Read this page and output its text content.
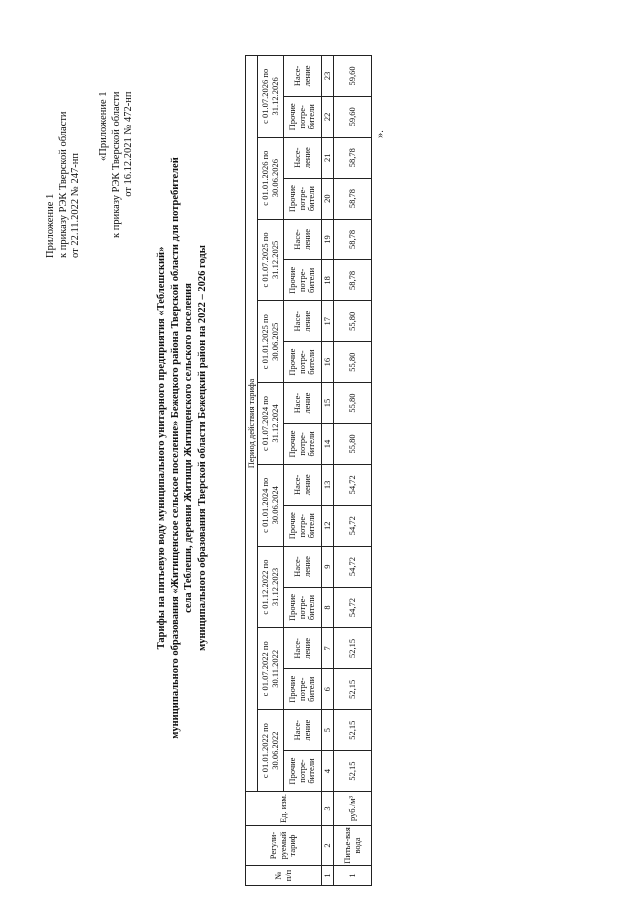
Приложение 1 к приказу РЭК Тверской области от 22.11.2022 № 247-нп
«Приложение 1 к приказу РЭК Тверской области от 16.12.2021 № 472-нп
Тарифы на питьевую воду муниципального унитарного предприятия «Теблешский» муниципального образования «Житищенское сельское поселение» Бежецкого района Тверской области для потребителей села Теблеши, деревни Житищи Житищенского сельского поселения муниципального образования Тверской области Бежецкий район на 2022 – 2026 годы
№ п/п	Регули-руемый тариф	Ед. изм.	Период действия тарифа																	
			с 01.01.2022 по 30.06.2022		с 01.07.2022 по 30.11.2022		с 01.12.2022 по 31.12.2023		с 01.01.2024 по 30.06.2024		с 01.07.2024 по 31.12.2024		с 01.01.2025 по 30.06.2025		с 01.07.2025 по 31.12.2025		с 01.01.2026 по 30.06.2026		с 01.07.2026 по 31.12.2026	
			Прочие потре-бители	Насе-ление	Прочие потре-бители	Насе-ление	Прочие потре-бители	Насе-ление	Прочие потре-бители	Насе-ление	Прочие потре-бители	Насе-ление	Прочие потре-бители	Насе-ление	Прочие потре-бители	Насе-ление	Прочие потре-бители	Насе-ление	Прочие потре-бители	Насе-ление
1	2	3	4	5	6	7	8	9	12	13	14	15	16	17	18	19	20	21	22	23
1	Питье-вая вода	руб./м³	52,15	52,15	52,15	52,15	54,72	54,72	54,72	54,72	55,80	55,80	55,80	55,80	58,78	58,78	58,78	58,78	59,60	59,60
».
